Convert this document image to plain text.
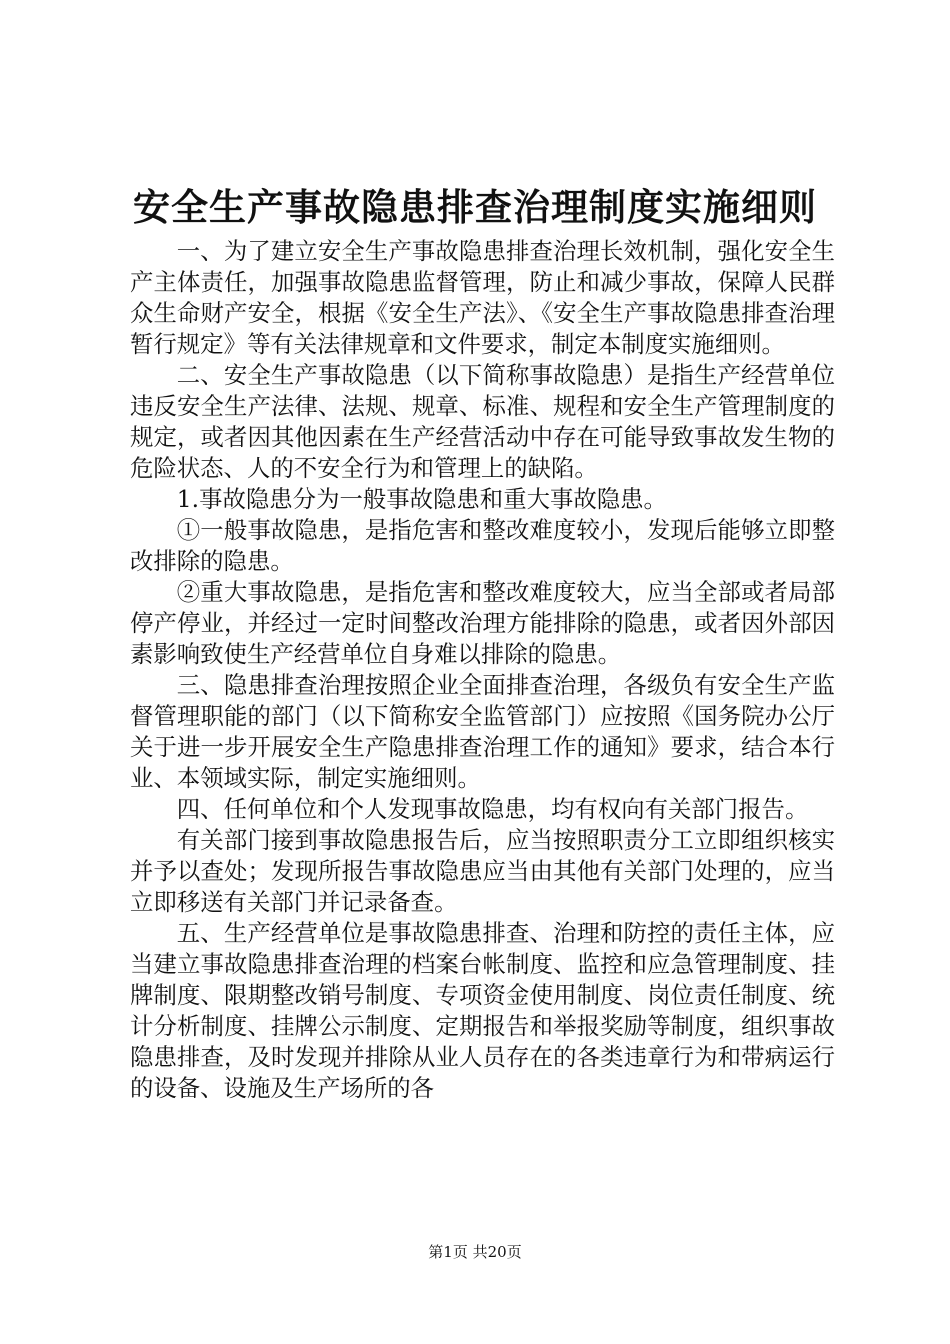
安全生产事故隐患排查治理制度实施细则

一、为了建立安全生产事故隐患排查治理长效机制，强化安全生产主体责任，加强事故隐患监督管理，防止和减少事故，保障人民群众生命财产安全，根据《安全生产法》、《安全生产事故隐患排查治理暂行规定》等有关法律规章和文件要求，制定本制度实施细则。

二、安全生产事故隐患（以下简称事故隐患）是指生产经营单位违反安全生产法律、法规、规章、标准、规程和安全生产管理制度的规定，或者因其他因素在生产经营活动中存在可能导致事故发生物的危险状态、人的不安全行为和管理上的缺陷。

1.事故隐患分为一般事故隐患和重大事故隐患。

①一般事故隐患，是指危害和整改难度较小，发现后能够立即整改排除的隐患。

②重大事故隐患，是指危害和整改难度较大，应当全部或者局部停产停业，并经过一定时间整改治理方能排除的隐患，或者因外部因素影响致使生产经营单位自身难以排除的隐患。

三、隐患排查治理按照企业全面排查治理，各级负有安全生产监督管理职能的部门（以下简称安全监管部门）应按照《国务院办公厅关于进一步开展安全生产隐患排查治理工作的通知》要求，结合本行业、本领域实际，制定实施细则。

四、任何单位和个人发现事故隐患，均有权向有关部门报告。

有关部门接到事故隐患报告后，应当按照职责分工立即组织核实并予以查处；发现所报告事故隐患应当由其他有关部门处理的，应当立即移送有关部门并记录备查。

五、生产经营单位是事故隐患排查、治理和防控的责任主体，应当建立事故隐患排查治理的档案台帐制度、监控和应急管理制度、挂牌制度、限期整改销号制度、专项资金使用制度、岗位责任制度、统计分析制度、挂牌公示制度、定期报告和举报奖励等制度，组织事故隐患排查，及时发现并排除从业人员存在的各类违章行为和带病运行的设备、设施及生产场所的各

第1页 共20页
